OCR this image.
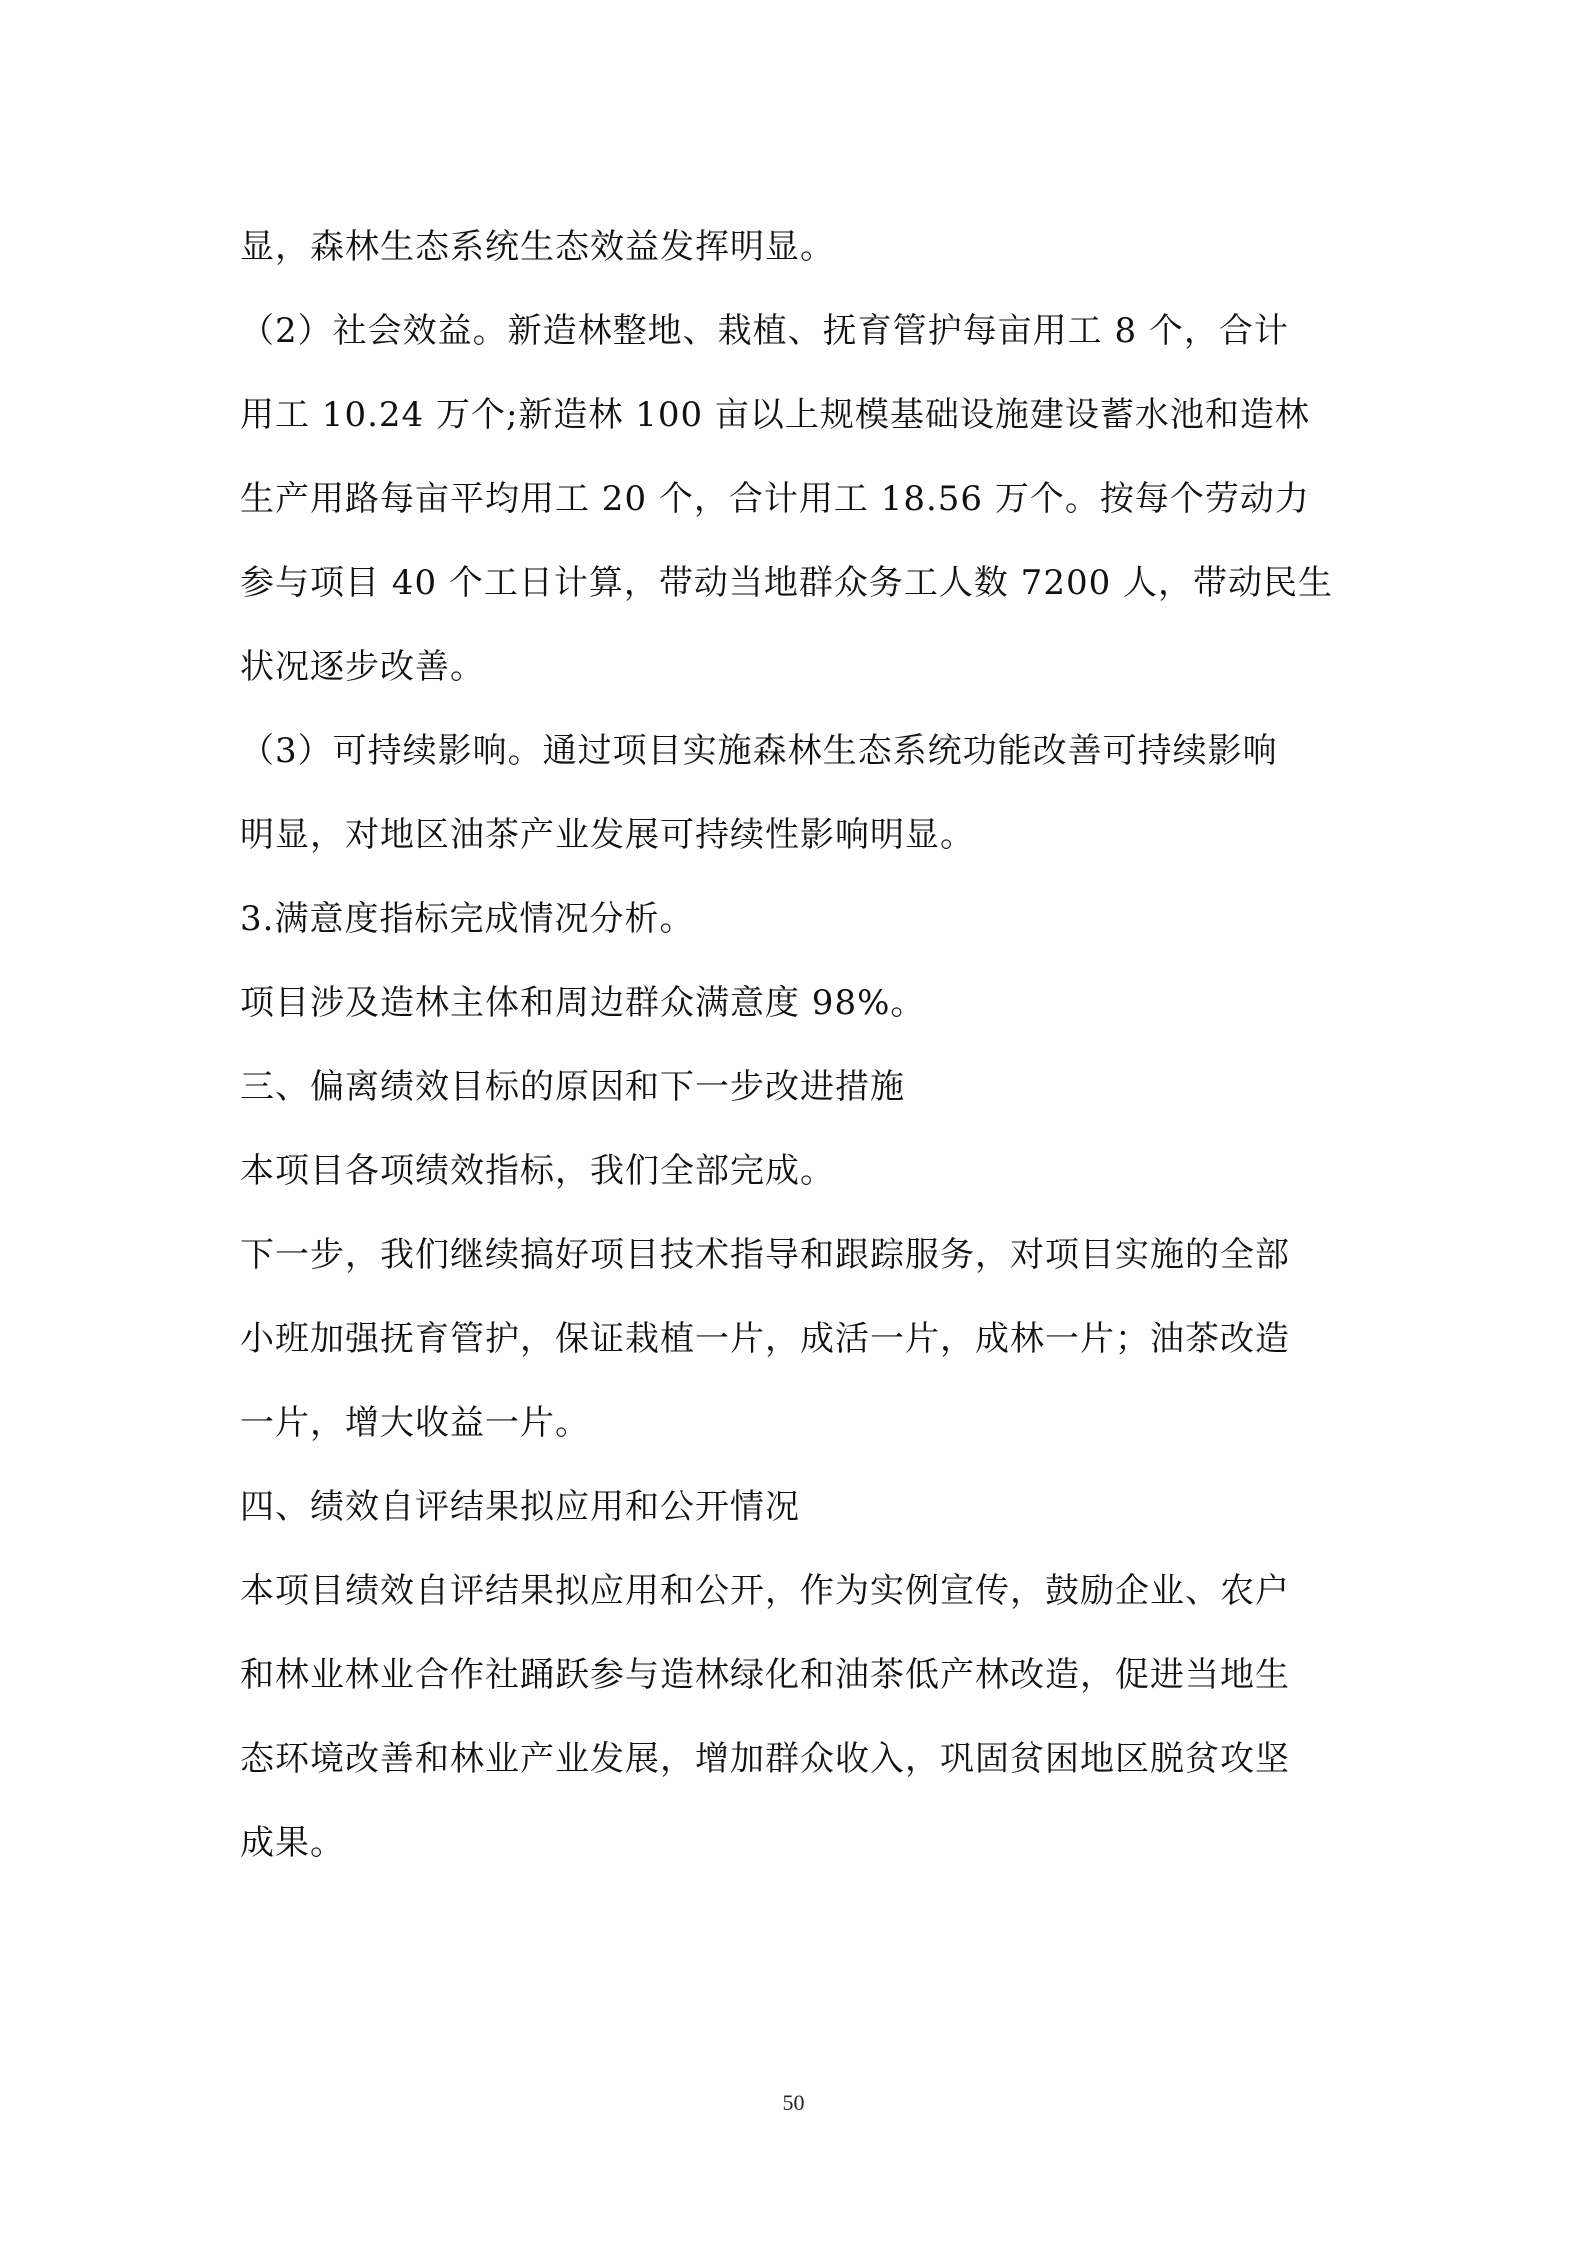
显，森林生态系统生态效益发挥明显。
（2）社会效益。新造林整地、栽植、抚育管护每亩用工 8 个，合计
用工 10.24 万个;新造林 100 亩以上规模基础设施建设蓄水池和造林
生产用路每亩平均用工 20 个，合计用工 18.56 万个。按每个劳动力
参与项目 40 个工日计算，带动当地群众务工人数 7200 人，带动民生
状况逐步改善。
（3）可持续影响。通过项目实施森林生态系统功能改善可持续影响
明显，对地区油茶产业发展可持续性影响明显。
3.满意度指标完成情况分析。
项目涉及造林主体和周边群众满意度 98%。
三、偏离绩效目标的原因和下一步改进措施
本项目各项绩效指标，我们全部完成。
下一步，我们继续搞好项目技术指导和跟踪服务，对项目实施的全部
小班加强抚育管护，保证栽植一片，成活一片，成林一片；油茶改造
一片，增大收益一片。
四、绩效自评结果拟应用和公开情况
本项目绩效自评结果拟应用和公开，作为实例宣传，鼓励企业、农户
和林业林业合作社踊跃参与造林绿化和油茶低产林改造，促进当地生
态环境改善和林业产业发展，增加群众收入，巩固贫困地区脱贫攻坚
成果。
50
